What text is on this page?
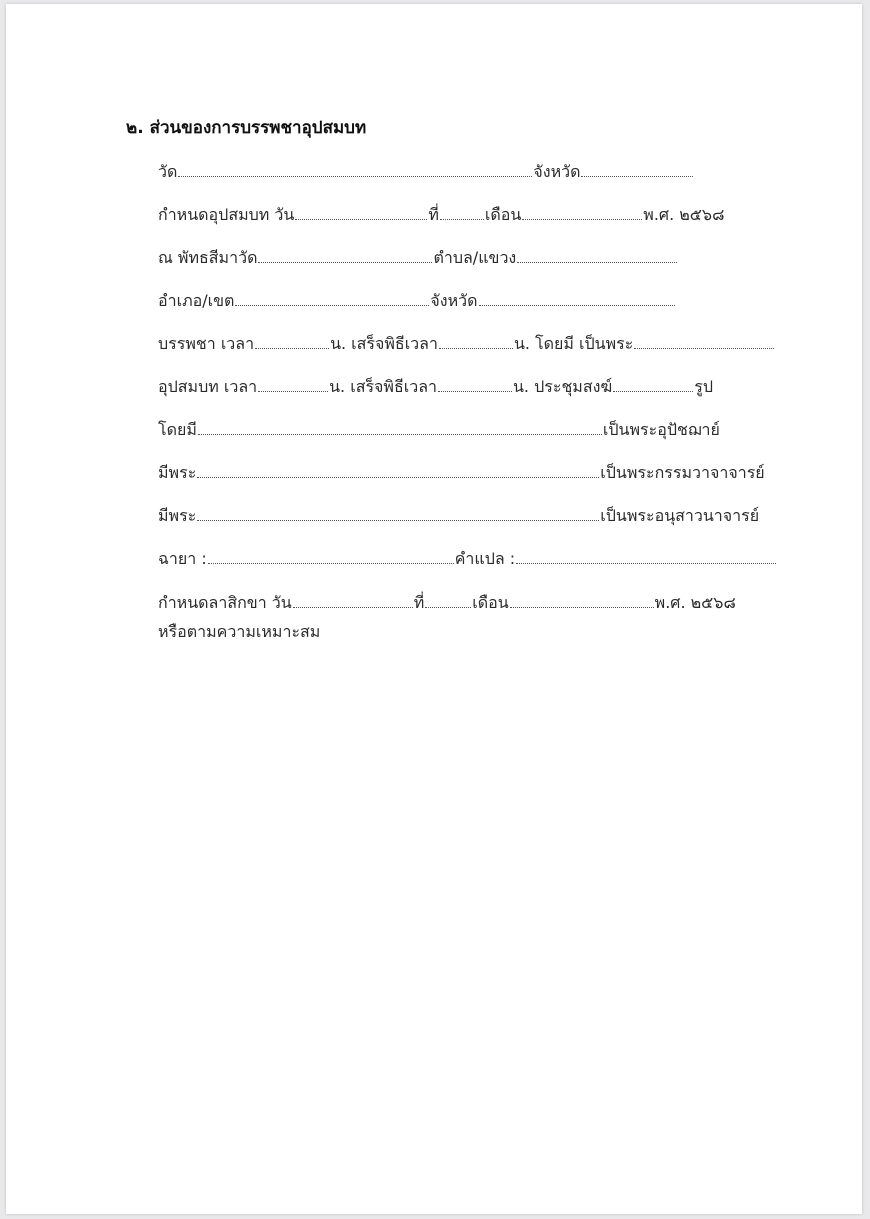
๒. ส่วนของการบรรพชาอุปสมบท
วัด	จังหวัด
กำหนดอุปสมบท วัน	ที่	เดือน	พ.ศ. ๒๕๖๘
ณ พัทธสีมาวัด	ตำบล/แขวง
อำเภอ/เขต	จังหวัด
บรรพชา เวลา	น. เสร็จพิธีเวลา	น. โดยมี เป็นพระ
อุปสมบท เวลา	น. เสร็จพิธีเวลา	น. ประชุมสงฆ์	รูป
โดยมี	เป็นพระอุปัชฌาย์
มีพระ	เป็นพระกรรมวาจาจารย์
มีพระ	เป็นพระอนุสาวนาจารย์
ฉายา :	คำแปล :
กำหนดลาสิกขา วัน	ที่	เดือน	พ.ศ. ๒๕๖๘
หรือตามความเหมาะสม
